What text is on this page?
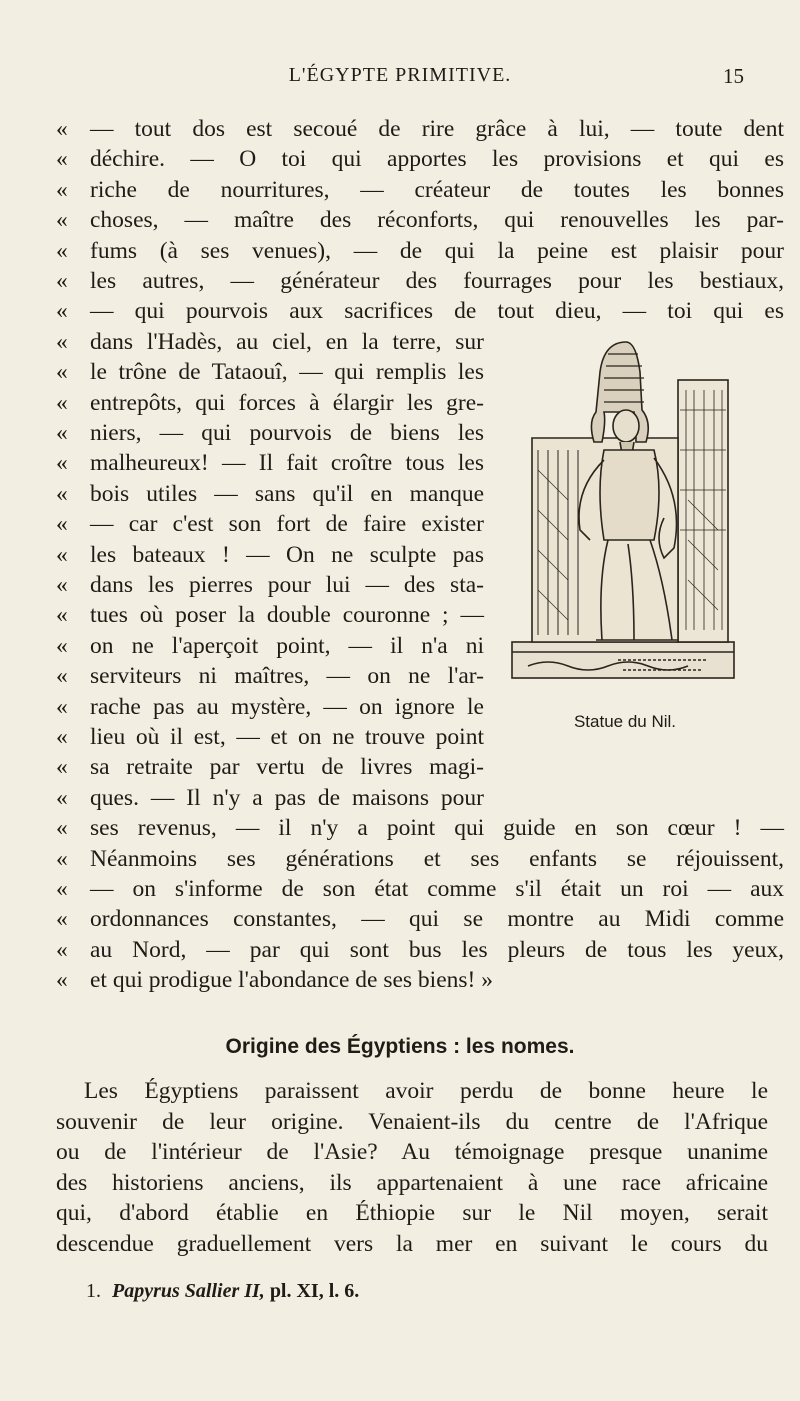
L'ÉGYPTE PRIMITIVE.	15
« — tout dos est secoué de rire grâce à lui, — toute dent
« déchire. — O toi qui apportes les provisions et qui es
« riche de nourritures, — créateur de toutes les bonnes
« choses, — maître des réconforts, qui renouvelles les par-
« fums (à ses venues), — de qui la peine est plaisir pour
« les autres, — générateur des fourrages pour les bestiaux,
« — qui pourvois aux sacrifices de tout dieu, — toi qui es
« dans l'Hadès, au ciel, en la terre, sur
« le trône de Tataouî, — qui remplis les
« entrepôts, qui forces à élargir les gre-
« niers, — qui pourvois de biens les
« malheureux! — Il fait croître tous les
« bois utiles — sans qu'il en manque
« — car c'est son fort de faire exister
« les bateaux ! — On ne sculpte pas
« dans les pierres pour lui — des sta-
« tues où poser la double couronne ; —
« on ne l'aperçoit point, — il n'a ni
« serviteurs ni maîtres, — on ne l'ar-
« rache pas au mystère, — on ignore le
« lieu où il est, — et on ne trouve point
« sa retraite par vertu de livres magi-
« ques. — Il n'y a pas de maisons pour
« ses revenus, — il n'y a point qui guide en son cœur ! —
« Néanmoins ses générations et ses enfants se réjouissent,
« — on s'informe de son état comme s'il était un roi — aux
« ordonnances constantes, — qui se montre au Midi comme
« au Nord, — par qui sont bus les pleurs de tous les yeux,
« et qui prodigue l'abondance de ses biens! »
Statue du Nil.
Origine des Égyptiens : les nomes.
Les Égyptiens paraissent avoir perdu de bonne heure le
souvenir de leur origine. Venaient-ils du centre de l'Afrique
ou de l'intérieur de l'Asie? Au témoignage presque unanime
des historiens anciens, ils appartenaient à une race africaine
qui, d'abord établie en Éthiopie sur le Nil moyen, serait
descendue graduellement vers la mer en suivant le cours du
1. Papyrus Sallier II, pl. XI, l. 6.
